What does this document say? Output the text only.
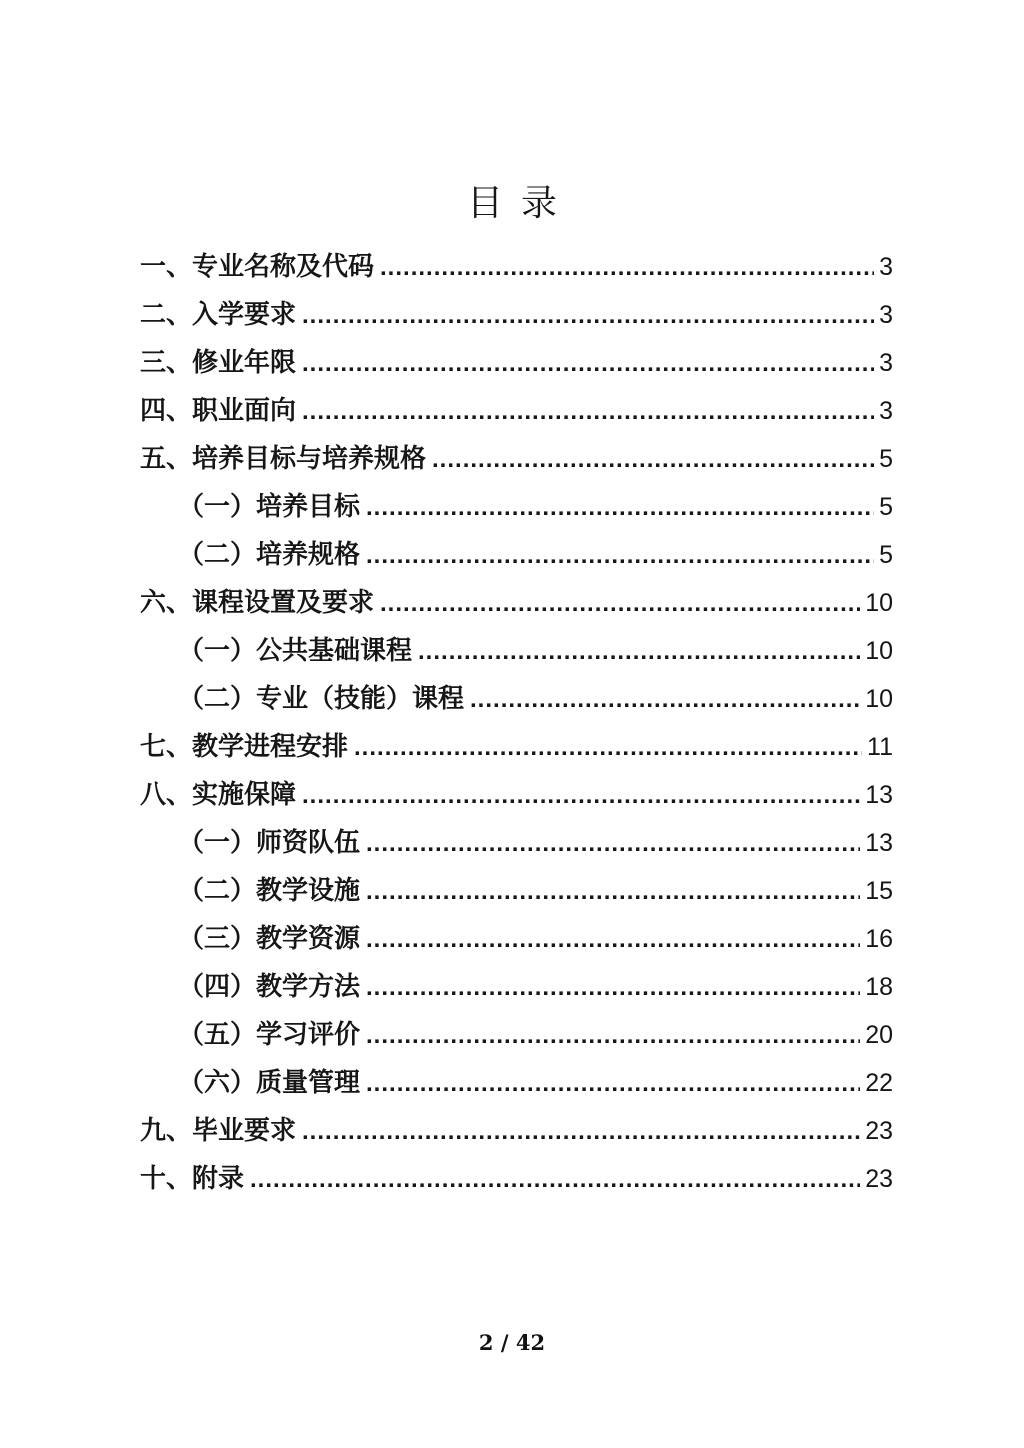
目录
一、专业名称及代码 .....	3
二、入学要求 .....	3
三、修业年限 .....	3
四、职业面向 .....	3
五、培养目标与培养规格 .....	5
（一）培养目标 .....	5
（二）培养规格 .....	5
六、课程设置及要求 .....	10
（一）公共基础课程 .....	10
（二）专业（技能）课程 .....	10
七、教学进程安排 .....	11
八、实施保障 .....	13
（一）师资队伍 .....	13
（二）教学设施 .....	15
（三）教学资源 .....	16
（四）教学方法 .....	18
（五）学习评价 .....	20
（六）质量管理 .....	22
九、毕业要求 .....	23
十、附录 .....	23
2 / 42
